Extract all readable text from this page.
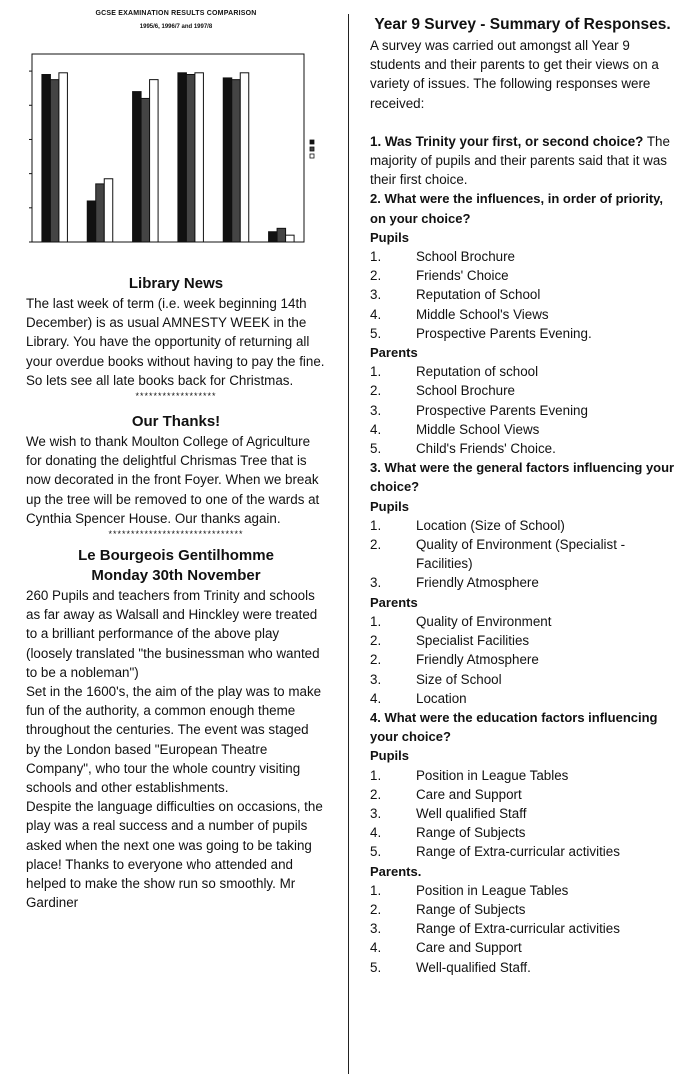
GCSE EXAMINATION RESULTS COMPARISON
1995/6, 1996/7 and 1997/8
Library News

The last week of term (i.e. week beginning 14th December) is as usual AMNESTY WEEK in the Library. You have the opportunity of returning all your overdue books without having to pay the fine. So lets see all late books back for Christmas.

******************
Our Thanks!

We wish to thank Moulton College of Agriculture for donating the delightful Chrismas Tree that is now decorated in the front Foyer. When we break up the tree will be removed to one of the wards at Cynthia Spencer House. Our thanks again.

******************************
Le Bourgeois Gentilhomme
Monday 30th November

260 Pupils and teachers from Trinity and schools as far away as Walsall and Hinckley were treated to a brilliant performance of the above play (loosely translated "the businessman who wanted to be a nobleman")

Set in the 1600's, the aim of the play was to make fun of the authority, a common enough theme throughout the centuries. The event was staged by the London based "European Theatre Company", who tour the whole country visiting schools and other establishments.

Despite the language difficulties on occasions, the play was a real success and a number of pupils asked when the next one was going to be taking place! Thanks to everyone who attended and helped to make the show run so smoothly. Mr Gardiner

Year 9 Survey - Summary of Responses.

A survey was carried out amongst all Year 9 students and their parents to get their views on a variety of issues. The following responses were received:

1. Was Trinity your first, or second choice? The majority of pupils and their parents said that it was their first choice.

2. What were the influences, in order of priority, on your choice?
Pupils
1.	School Brochure
2.	Friends' Choice
3.	Reputation of School
4.	Middle School's Views
5.	Prospective Parents Evening.
Parents
1.	Reputation of school
2.	School Brochure
3.	Prospective Parents Evening
4.	Middle School Views
5.	Child's Friends' Choice.
3. What were the general factors influencing your choice?
Pupils
1.	Location (Size of School)
2.	Quality of Environment (Specialist - Facilities)
3.	Friendly Atmosphere
Parents
1.	Quality of Environment
2.	Specialist Facilities
2.	Friendly Atmosphere
3.	Size of School
4.	Location
4. What were the education factors influencing your choice?
Pupils
1.	Position in League Tables
2.	Care and Support
3.	Well qualified Staff
4.	Range of Subjects
5.	Range of Extra-curricular activities
Parents.
1.	Position in League Tables
2.	Range of Subjects
3.	Range of Extra-curricular activities
4.	Care and Support
5.	Well-qualified Staff.
